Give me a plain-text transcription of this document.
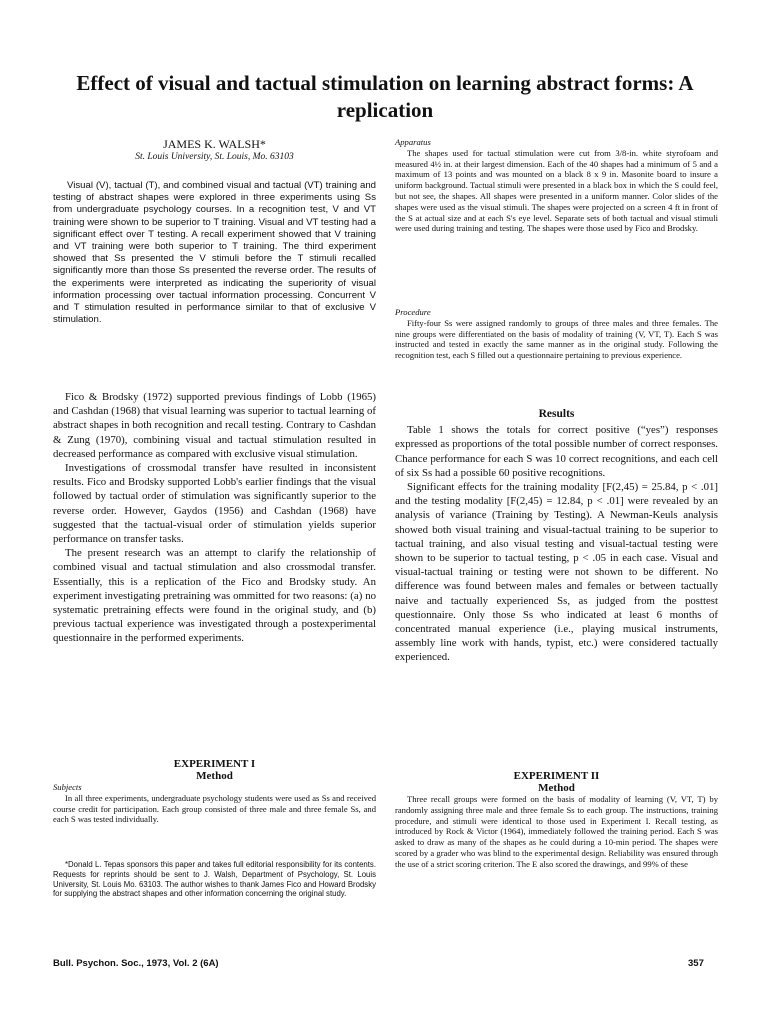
Effect of visual and tactual stimulation on learning abstract forms: A replication
JAMES K. WALSH*
St. Louis University, St. Louis, Mo. 63103
Visual (V), tactual (T), and combined visual and tactual (VT) training and testing of abstract shapes were explored in three experiments using Ss from undergraduate psychology courses. In a recognition test, V and VT training were shown to be superior to T training. Visual and VT testing had a significant effect over T testing. A recall experiment showed that V training and VT training were both superior to T training. The third experiment showed that Ss presented the V stimuli before the T stimuli recalled significantly more than those Ss presented the reverse order. The results of the experiments were interpreted as indicating the superiority of visual information processing over tactual information processing. Concurrent V and T stimulation resulted in performance similar to that of exclusive V stimulation.

Fico & Brodsky (1972) supported previous findings of Lobb (1965) and Cashdan (1968) that visual learning was superior to tactual learning of abstract shapes in both recognition and recall testing. Contrary to Cashdan & Zung (1970), combining visual and tactual stimulation resulted in decreased performance as compared with exclusive visual stimulation.

Investigations of crossmodal transfer have resulted in inconsistent results. Fico and Brodsky supported Lobb's earlier findings that the visual followed by tactual order of stimulation was significantly superior to the reverse order. However, Gaydos (1956) and Cashdan (1968) have suggested that the tactual-visual order of stimulation yields superior performance on transfer tasks.

The present research was an attempt to clarify the relationship of combined visual and tactual stimulation and also crossmodal transfer. Essentially, this is a replication of the Fico and Brodsky study. An experiment investigating pretraining was ommitted for two reasons: (a) no systematic pretraining effects were found in the original study, and (b) previous tactual experience was investigated through a postexperimental questionnaire in the performed experiments.

EXPERIMENT I
Method
Subjects

In all three experiments, undergraduate psychology students were used as Ss and received course credit for participation. Each group consisted of three male and three female Ss, and each S was tested individually.

*Donald L. Tepas sponsors this paper and takes full editorial responsibility for its contents. Requests for reprints should be sent to J. Walsh, Department of Psychology, St. Louis University, St. Louis Mo. 63103. The author wishes to thank James Fico and Howard Brodsky for supplying the abstract shapes and other information concerning the original study.

Apparatus

The shapes used for tactual stimulation were cut from 3/8-in. white styrofoam and measured 4½ in. at their largest dimension. Each of the 40 shapes had a minimum of 5 and a maximum of 13 points and was mounted on a black 8 x 9 in. Masonite board to insure a uniform background. Tactual stimuli were presented in a black box in which the S could feel, but not see, the shapes. All shapes were presented in a uniform manner. Color slides of the shapes were used as the visual stimuli. The shapes were projected on a screen 4 ft in front of the S at actual size and at each S's eye level. Separate sets of both tactual and visual stimuli were used during training and testing. The shapes were those used by Fico and Brodsky.

Procedure

Fifty-four Ss were assigned randomly to groups of three males and three females. The nine groups were differentiated on the basis of modality of training (V, VT, T). Each S was instructed and tested in exactly the same manner as in the original study. Following the recognition test, each S filled out a questionnaire pertaining to previous experience.

Results

Table 1 shows the totals for correct positive (“yes”) responses expressed as proportions of the total possible number of correct responses. Chance performance for each S was 10 correct recognitions, and each cell of six Ss had a possible 60 positive recognitions.

Significant effects for the training modality [F(2,45) = 25.84, p < .01] and the testing modality [F(2,45) = 12.84, p < .01] were revealed by an analysis of variance (Training by Testing). A Newman-Keuls analysis showed both visual training and visual-tactual training to be superior to tactual training, and also visual testing and visual-tactual testing were shown to be superior to tactual testing, p < .05 in each case. Visual and visual-tactual training or testing were not shown to be different. No difference was found between males and females or between tactually naive and tactually experienced Ss, as judged from the posttest questionnaire. Only those Ss who indicated at least 6 months of concentrated manual experience (i.e., playing musical instruments, assembly line work with hands, typist, etc.) were considered tactually experienced.

EXPERIMENT II
Method

Three recall groups were formed on the basis of modality of learning (V, VT, T) by randomly assigning three male and three female Ss to each group. The instructions, training procedure, and stimuli were identical to those used in Experiment I. Recall testing, as introduced by Rock & Victor (1964), immediately followed the training period. Each S was asked to draw as many of the shapes as he could during a 10-min period. The shapes were scored by a grader who was blind to the experimental design. Reliability was ensured through the use of a strict scoring criterion. The E also scored the drawings, and 99% of these

Bull. Psychon. Soc., 1973, Vol. 2 (6A)	357
